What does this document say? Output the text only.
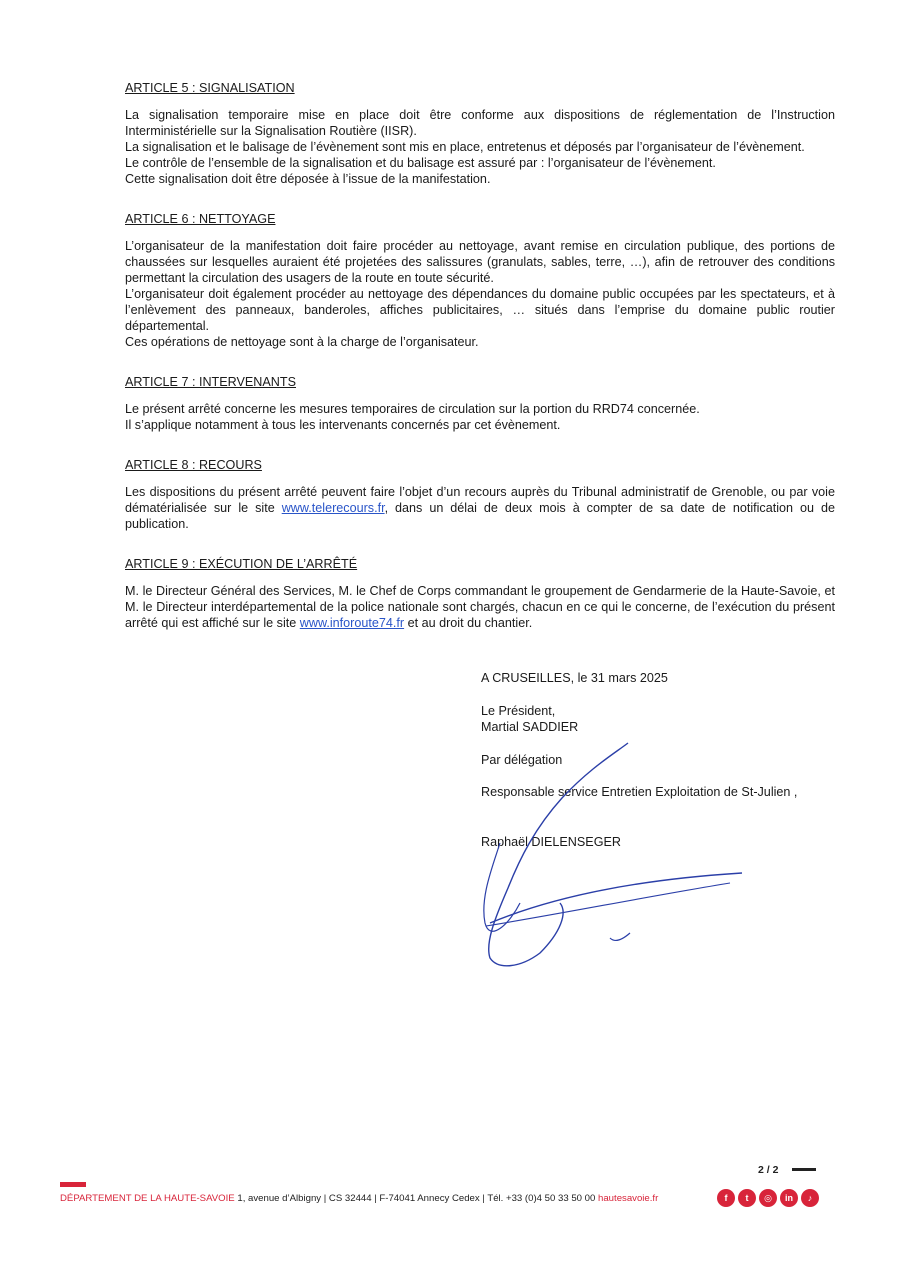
ARTICLE 5 : SIGNALISATION

La signalisation temporaire mise en place doit être conforme aux dispositions de réglementation de l’Instruction Interministérielle sur la Signalisation Routière (IISR).

La signalisation et le balisage de l’évènement sont mis en place, entretenus et déposés par l’organisateur de l’évènement.

Le contrôle de l’ensemble de la signalisation et du balisage est assuré par : l’organisateur de l’évènement.

Cette signalisation doit être déposée à l’issue de la manifestation.

ARTICLE 6 : NETTOYAGE

L’organisateur de la manifestation doit faire procéder au nettoyage, avant remise en circulation publique, des portions de chaussées sur lesquelles auraient été projetées des salissures (granulats, sables, terre, …), afin de retrouver des conditions permettant la circulation des usagers de la route en toute sécurité.

L’organisateur doit également procéder au nettoyage des dépendances du domaine public occupées par les spectateurs, et à l’enlèvement des panneaux, banderoles, affiches publicitaires, … situés dans l’emprise du domaine public routier départemental.

Ces opérations de nettoyage sont à la charge de l’organisateur.

ARTICLE 7 : INTERVENANTS

Le présent arrêté concerne les mesures temporaires de circulation sur la portion du RRD74 concernée.

Il s’applique notamment à tous les intervenants concernés par cet évènement.

ARTICLE 8 : RECOURS

Les dispositions du présent arrêté peuvent faire l’objet d’un recours auprès du Tribunal administratif de Grenoble, ou par voie dématérialisée sur le site www.telerecours.fr, dans un délai de deux mois à compter de sa date de notification ou de publication.

ARTICLE 9 : EXÉCUTION DE L’ARRÊTÉ

M. le Directeur Général des Services, M. le Chef de Corps commandant le groupement de Gendarmerie de la Haute-Savoie, et M. le Directeur interdépartemental de la police nationale sont chargés, chacun en ce qui le concerne, de l’exécution du présent arrêté qui est affiché sur le site www.inforoute74.fr et au droit du chantier.

A CRUSEILLES, le 31 mars 2025

Le Président,

Martial SADDIER

Par délégation

Responsable service Entretien Exploitation de St-Julien ,

Raphaël DIELENSEGER

2 / 2
DÉPARTEMENT DE LA HAUTE-SAVOIE 1, avenue d’Albigny | CS 32444 | F-74041 Annecy Cedex | Tél. +33 (0)4 50 33 50 00 hautesavoie.fr	f	t	◎	in	♪
